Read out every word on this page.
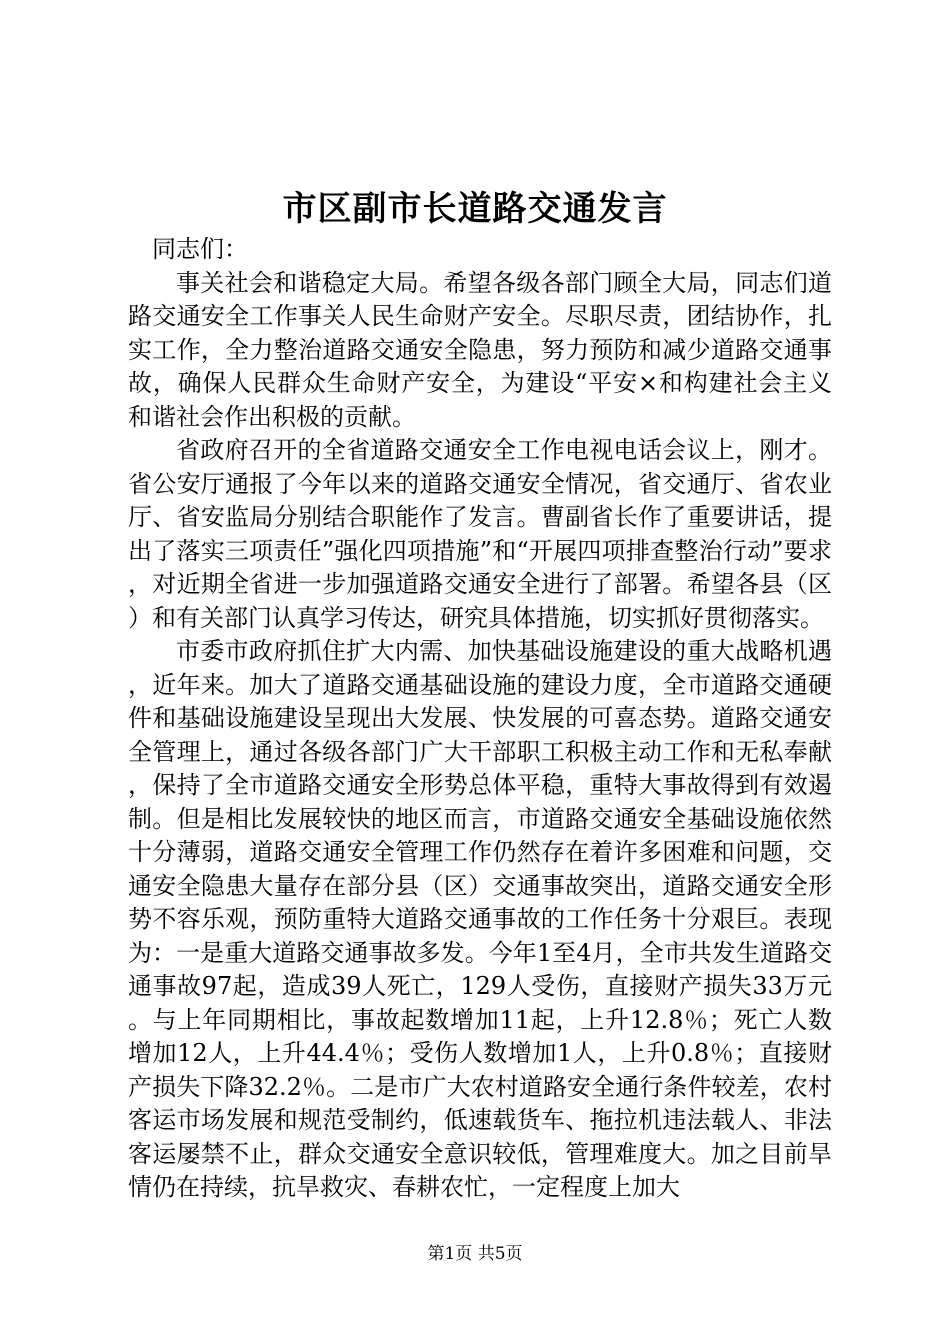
市区副市长道路交通发言

同志们：

事关社会和谐稳定大局。希望各级各部门顾全大局，同志们道路交通安全工作事关人民生命财产安全。尽职尽责，团结协作，扎实工作，全力整治道路交通安全隐患，努力预防和减少道路交通事故，确保人民群众生命财产安全，为建设“平安×和构建社会主义和谐社会作出积极的贡献。

省政府召开的全省道路交通安全工作电视电话会议上，刚才。省公安厅通报了今年以来的道路交通安全情况，省交通厅、省农业厅、省安监局分别结合职能作了发言。曹副省长作了重要讲话，提出了落实三项责任”强化四项措施”和“开展四项排查整治行动”要求，对近期全省进一步加强道路交通安全进行了部署。希望各县（区）和有关部门认真学习传达，研究具体措施，切实抓好贯彻落实。

市委市政府抓住扩大内需、加快基础设施建设的重大战略机遇，近年来。加大了道路交通基础设施的建设力度，全市道路交通硬件和基础设施建设呈现出大发展、快发展的可喜态势。道路交通安全管理上，通过各级各部门广大干部职工积极主动工作和无私奉献，保持了全市道路交通安全形势总体平稳，重特大事故得到有效遏制。但是相比发展较快的地区而言，市道路交通安全基础设施依然十分薄弱，道路交通安全管理工作仍然存在着许多困难和问题，交通安全隐患大量存在部分县（区）交通事故突出，道路交通安全形势不容乐观，预防重特大道路交通事故的工作任务十分艰巨。表现为：一是重大道路交通事故多发。今年1至4月，全市共发生道路交通事故97起，造成39人死亡，129人受伤，直接财产损失33万元。与上年同期相比，事故起数增加11起，上升12.8％；死亡人数增加12人，上升44.4％；受伤人数增加1人，上升0.8％；直接财产损失下降32.2％。二是市广大农村道路安全通行条件较差，农村客运市场发展和规范受制约，低速载货车、拖拉机违法载人、非法客运屡禁不止，群众交通安全意识较低，管理难度大。加之目前旱情仍在持续，抗旱救灾、春耕农忙，一定程度上加大

第1页 共5页
